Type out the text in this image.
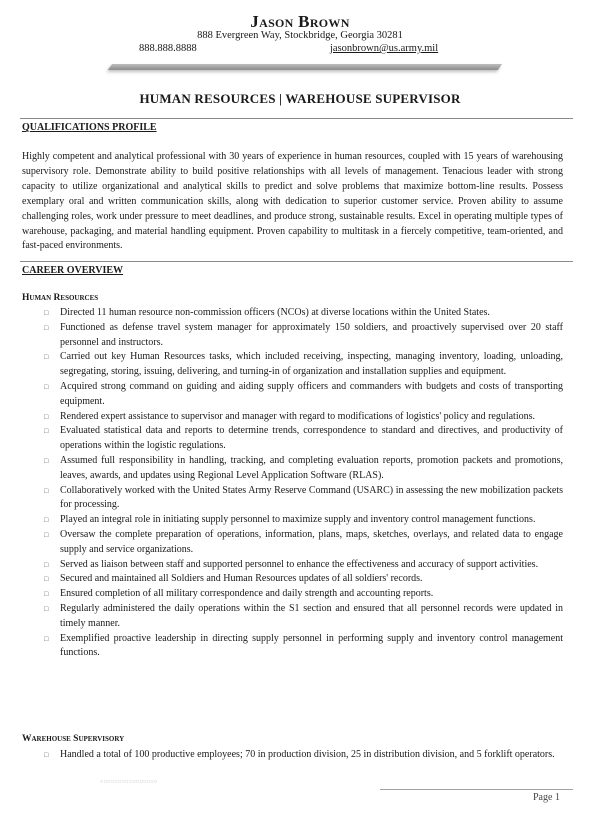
Jason Brown
888 Evergreen Way, Stockbridge, Georgia 30281
888.888.8888	jasonbrown@us.army.mil
HUMAN RESOURCES | WAREHOUSE SUPERVISOR
QUALIFICATIONS PROFILE
Highly competent and analytical professional with 30 years of experience in human resources, coupled with 15 years of warehousing supervisory role. Demonstrate ability to build positive relationships with all levels of management. Tenacious leader with strong capacity to utilize organizational and analytical skills to predict and solve problems that maximize bottom-line results. Possess exemplary oral and written communication skills, along with dedication to superior customer service. Proven ability to assume challenging roles, work under pressure to meet deadlines, and produce strong, sustainable results. Excel in operating multiple types of warehouse, packaging, and material handling equipment. Proven capability to multitask in a fiercely competitive, team-oriented, and fast-paced environments.
CAREER OVERVIEW
Human Resources
□ Directed 11 human resource non-commission officers (NCOs) at diverse locations within the United States.
□ Functioned as defense travel system manager for approximately 150 soldiers, and proactively supervised over 20 staff personnel and instructors.
□ Carried out key Human Resources tasks, which included receiving, inspecting, managing inventory, loading, unloading, segregating, storing, issuing, delivering, and turning-in of organization and installation supplies and equipment.
□ Acquired strong command on guiding and aiding supply officers and commanders with budgets and costs of transporting equipment.
□ Rendered expert assistance to supervisor and manager with regard to modifications of logistics' policy and regulations.
□ Evaluated statistical data and reports to determine trends, correspondence to standard and directives, and productivity of operations within the logistic regulations.
□ Assumed full responsibility in handling, tracking, and completing evaluation reports, promotion packets and promotions, leaves, awards, and updates using Regional Level Application Software (RLAS).
□ Collaboratively worked with the United States Army Reserve Command (USARC) in assessing the new mobilization packets for processing.
□ Played an integral role in initiating supply personnel to maximize supply and inventory control management functions.
□ Oversaw the complete preparation of operations, information, plans, maps, sketches, overlays, and related data to engage supply and service organizations.
□ Served as liaison between staff and supported personnel to enhance the effectiveness and accuracy of support activities.
□ Secured and maintained all Soldiers and Human Resources updates of all soldiers' records.
□ Ensured completion of all military correspondence and daily strength and accounting reports.
□ Regularly administered the daily operations within the S1 section and ensured that all personnel records were updated in timely manner.
□ Exemplified proactive leadership in directing supply personnel in performing supply and inventory control management functions.
Warehouse Supervisory
□ Handled a total of 100 productive employees; 70 in production division, 25 in distribution division, and 5 forklift operators.
▫▫▫▫▫▫▫▫▫▫▫▫▫▫▫▫
Page 1
